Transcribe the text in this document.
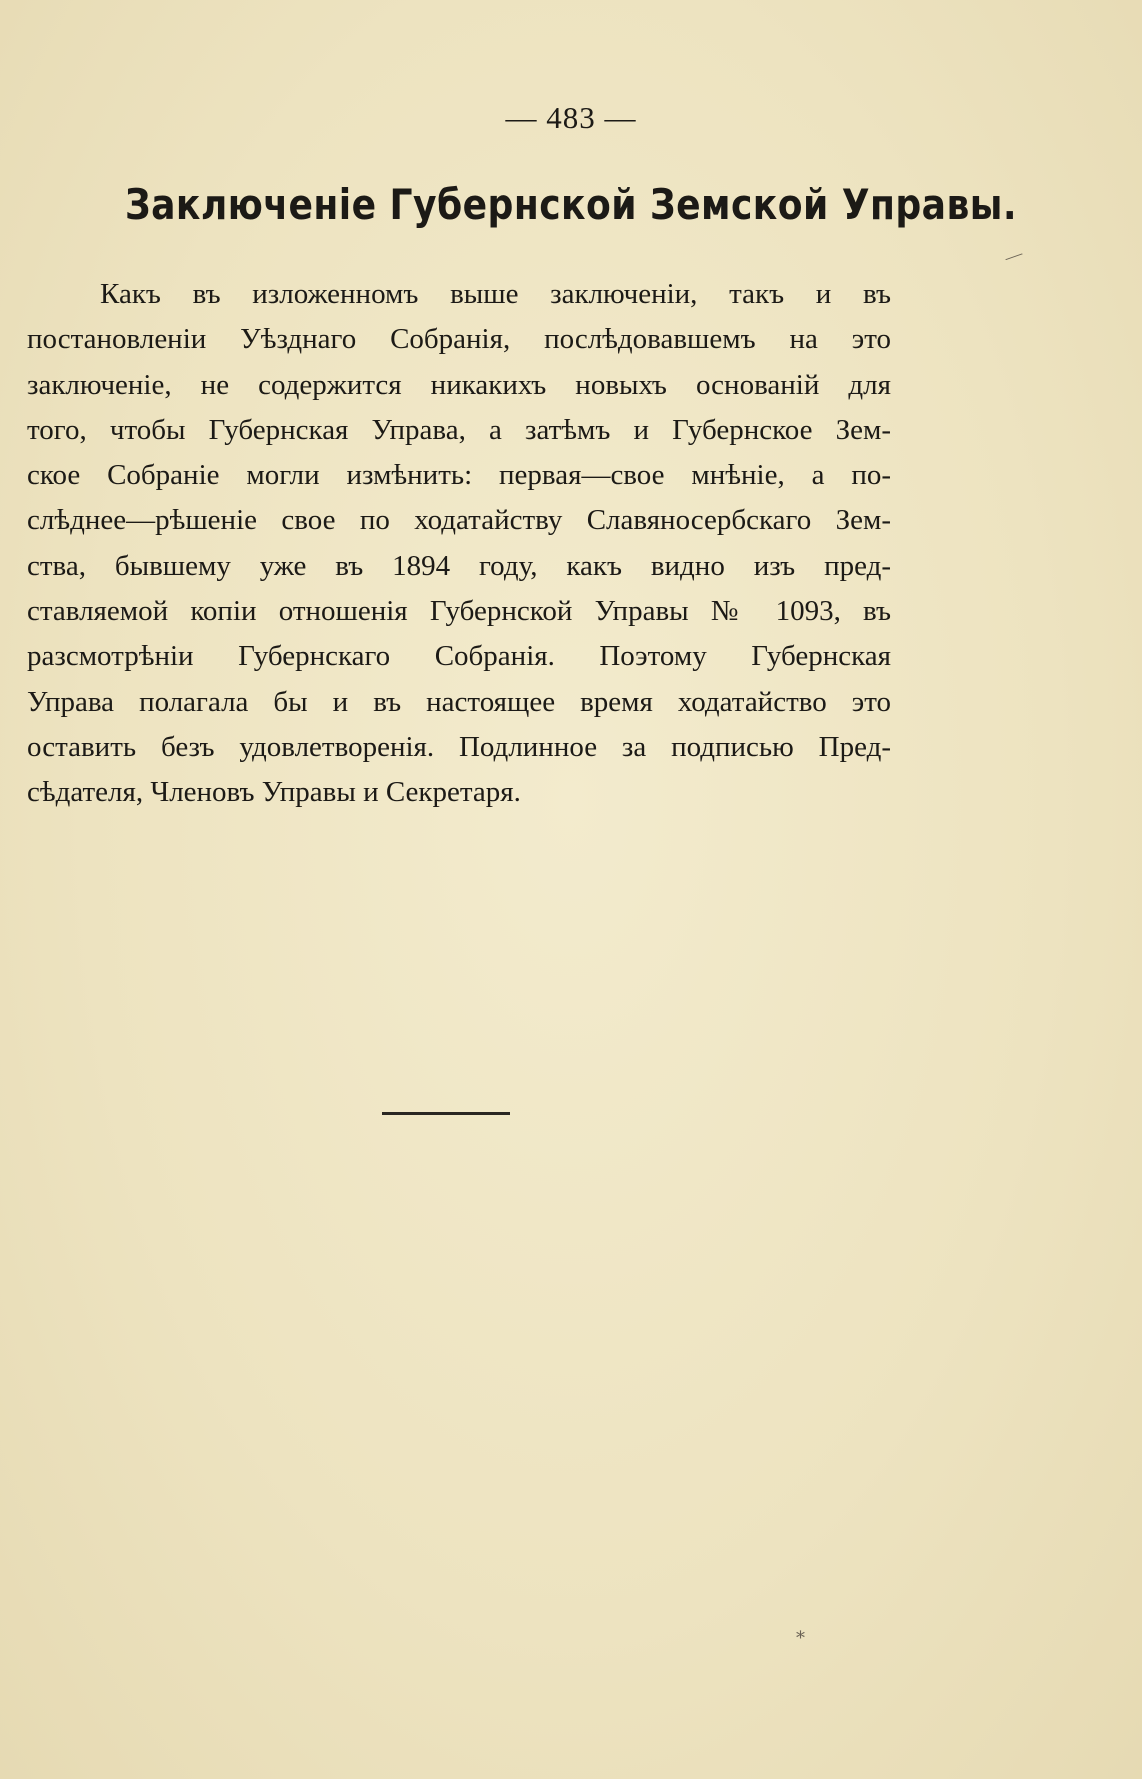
— 483 —
Заключеніе Губернской Земской Управы.
Какъ въ изложенномъ выше заключеніи, такъ и въ
постановленіи Уѣзднаго Собранія, послѣдовавшемъ на это
заключеніе, не содержится никакихъ новыхъ основаній для
того, чтобы Губернская Управа, а затѣмъ и Губернское Зем-
ское Собраніе могли измѣнить: первая—свое мнѣніе, а по-
слѣднее—рѣшеніе свое по ходатайству Славяносербскаго Зем-
ства, бывшему уже въ 1894 году, какъ видно изъ пред-
ставляемой копіи отношенія Губернской Управы № 1093, въ
разсмотрѣніи Губернскаго Собранія. Поэтому Губернская
Управа полагала бы и въ настоящее время ходатайство это
оставить безъ удовлетворенія. Подлинное за подписью Пред-
сѣдателя, Членовъ Управы и Секретаря.
∕
⁎
